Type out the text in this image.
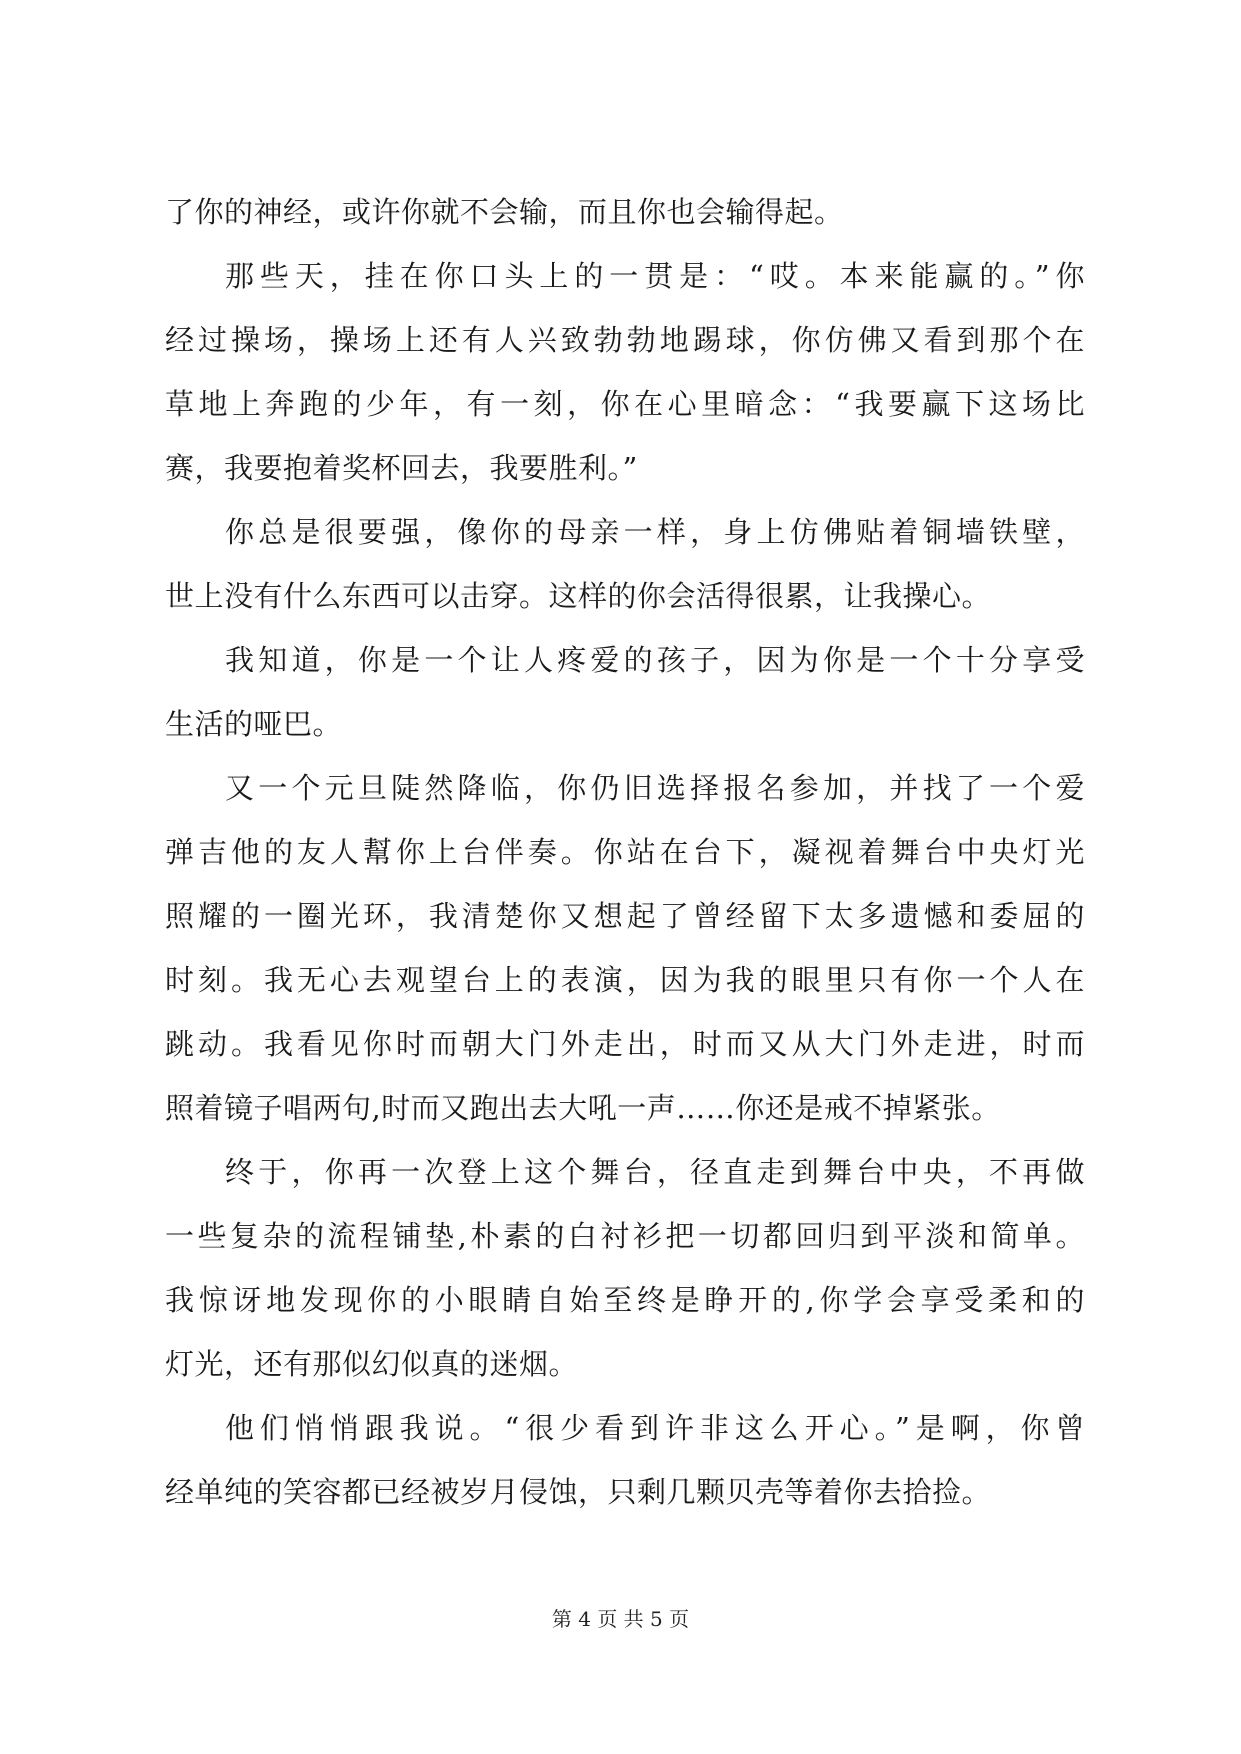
了你的神经，或许你就不会输，而且你也会输得起。
那些天，挂在你口头上的一贯是：“哎。本来能赢的。”你
经过操场，操场上还有人兴致勃勃地踢球，你仿佛又看到那个在
草地上奔跑的少年，有一刻，你在心里暗念：“我要赢下这场比
赛，我要抱着奖杯回去，我要胜利。”
你总是很要强，像你的母亲一样，身上仿佛贴着铜墙铁壁，
世上没有什么东西可以击穿。这样的你会活得很累，让我操心。
我知道，你是一个让人疼爱的孩子，因为你是一个十分享受
生活的哑巴。
又一个元旦陡然降临，你仍旧选择报名参加，并找了一个爱
弹吉他的友人幫你上台伴奏。你站在台下，凝视着舞台中央灯光
照耀的一圈光环，我清楚你又想起了曾经留下太多遗憾和委屈的
时刻。我无心去观望台上的表演，因为我的眼里只有你一个人在
跳动。我看见你时而朝大门外走出，时而又从大门外走进，时而
照着镜子唱两句,时而又跑出去大吼一声……你还是戒不掉紧张。
终于，你再一次登上这个舞台，径直走到舞台中央，不再做
一些复杂的流程铺垫,朴素的白衬衫把一切都回归到平淡和简单。
我惊讶地发现你的小眼睛自始至终是睁开的,你学会享受柔和的
灯光，还有那似幻似真的迷烟。
他们悄悄跟我说。“很少看到许非这么开心。”是啊，你曾
经单纯的笑容都已经被岁月侵蚀，只剩几颗贝壳等着你去拾捡。
第 4 页 共 5 页
